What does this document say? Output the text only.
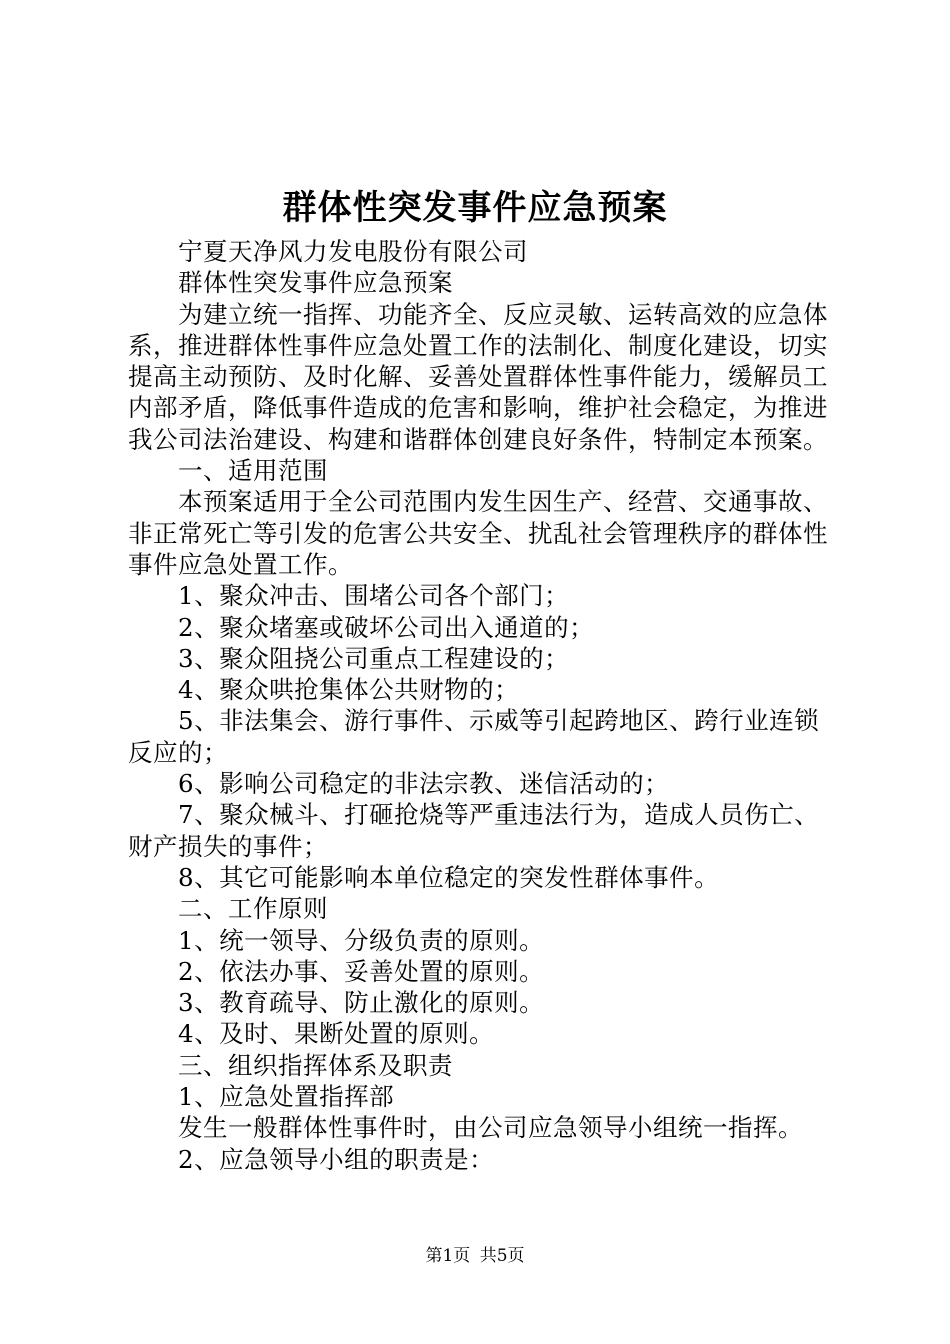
群体性突发事件应急预案

宁夏天净风力发电股份有限公司

群体性突发事件应急预案

为建立统一指挥、功能齐全、反应灵敏、运转高效的应急体系，推进群体性事件应急处置工作的法制化、制度化建设，切实提高主动预防、及时化解、妥善处置群体性事件能力，缓解员工内部矛盾，降低事件造成的危害和影响，维护社会稳定，为推进我公司法治建设、构建和谐群体创建良好条件，特制定本预案。

一、适用范围

本预案适用于全公司范围内发生因生产、经营、交通事故、非正常死亡等引发的危害公共安全、扰乱社会管理秩序的群体性事件应急处置工作。

1、聚众冲击、围堵公司各个部门；

2、聚众堵塞或破坏公司出入通道的；

3、聚众阻挠公司重点工程建设的；

4、聚众哄抢集体公共财物的；

5、非法集会、游行事件、示威等引起跨地区、跨行业连锁反应的；

6、影响公司稳定的非法宗教、迷信活动的；

7、聚众械斗、打砸抢烧等严重违法行为，造成人员伤亡、财产损失的事件；

8、其它可能影响本单位稳定的突发性群体事件。

二、工作原则

1、统一领导、分级负责的原则。

2、依法办事、妥善处置的原则。

3、教育疏导、防止激化的原则。

4、及时、果断处置的原则。

三、组织指挥体系及职责

1、应急处置指挥部

发生一般群体性事件时，由公司应急领导小组统一指挥。

2、应急领导小组的职责是：

第1页 共5页
